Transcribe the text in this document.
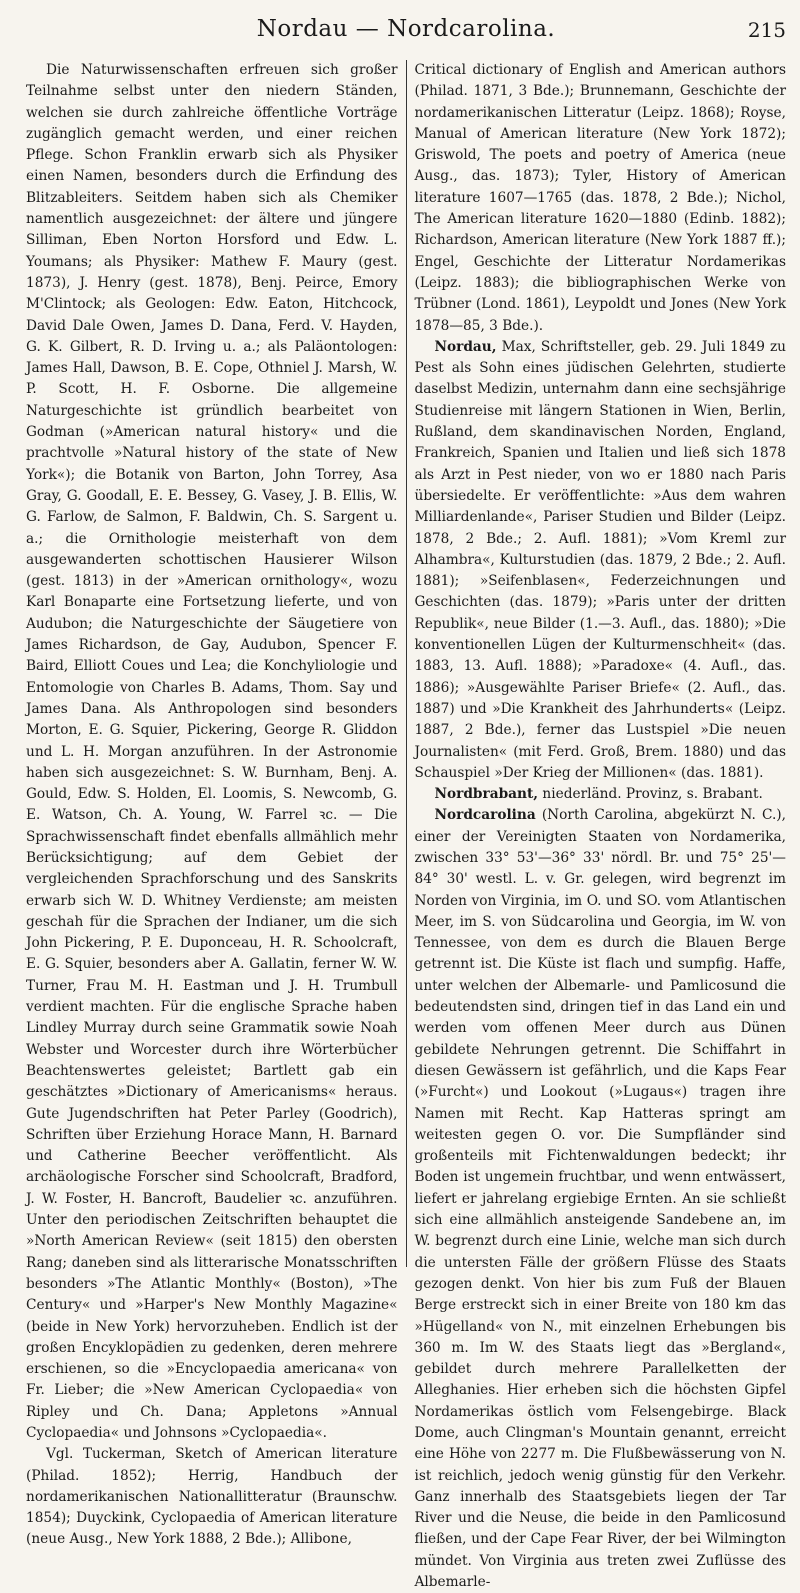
Nordau — Nordcarolina.	215

Die Naturwissenschaften erfreuen sich großer Teilnahme selbst unter den niedern Ständen, welchen sie durch zahlreiche öffentliche Vorträge zugänglich gemacht werden, und einer reichen Pflege. Schon Franklin erwarb sich als Physiker einen Namen, besonders durch die Erfindung des Blitzableiters. Seitdem haben sich als Chemiker namentlich ausgezeichnet: der ältere und jüngere Silliman, Eben Norton Horsford und Edw. L. Youmans; als Physiker: Mathew F. Maury (gest. 1873), J. Henry (gest. 1878), Benj. Peirce, Emory M'Clintock; als Geologen: Edw. Eaton, Hitchcock, David Dale Owen, James D. Dana, Ferd. V. Hayden, G. K. Gilbert, R. D. Irving u. a.; als Paläontologen: James Hall, Dawson, B. E. Cope, Othniel J. Marsh, W. P. Scott, H. F. Osborne. Die allgemeine Naturgeschichte ist gründlich bearbeitet von Godman (»American natural history« und die prachtvolle »Natural history of the state of New York«); die Botanik von Barton, John Torrey, Asa Gray, G. Goodall, E. E. Bessey, G. Vasey, J. B. Ellis, W. G. Farlow, de Salmon, F. Baldwin, Ch. S. Sargent u. a.; die Ornithologie meisterhaft von dem ausgewanderten schottischen Hausierer Wilson (gest. 1813) in der »American ornithology«, wozu Karl Bonaparte eine Fortsetzung lieferte, und von Audubon; die Naturgeschichte der Säugetiere von James Richardson, de Gay, Audubon, Spencer F. Baird, Elliott Coues und Lea; die Konchyliologie und Entomologie von Charles B. Adams, Thom. Say und James Dana. Als Anthropologen sind besonders Morton, E. G. Squier, Pickering, George R. Gliddon und L. H. Morgan anzuführen. In der Astronomie haben sich ausgezeichnet: S. W. Burnham, Benj. A. Gould, Edw. S. Holden, El. Loomis, S. Newcomb, G. E. Watson, Ch. A. Young, W. Farrel ꝛc. — Die Sprachwissenschaft findet ebenfalls allmählich mehr Berücksichtigung; auf dem Gebiet der vergleichenden Sprachforschung und des Sanskrits erwarb sich W. D. Whitney Verdienste; am meisten geschah für die Sprachen der Indianer, um die sich John Pickering, P. E. Duponceau, H. R. Schoolcraft, E. G. Squier, besonders aber A. Gallatin, ferner W. W. Turner, Frau M. H. Eastman und J. H. Trumbull verdient machten. Für die englische Sprache haben Lindley Murray durch seine Grammatik sowie Noah Webster und Worcester durch ihre Wörterbücher Beachtenswertes geleistet; Bartlett gab ein geschätztes »Dictionary of Americanisms« heraus. Gute Jugendschriften hat Peter Parley (Goodrich), Schriften über Erziehung Horace Mann, H. Barnard und Catherine Beecher veröffentlicht. Als archäologische Forscher sind Schoolcraft, Bradford, J. W. Foster, H. Bancroft, Baudelier ꝛc. anzuführen. Unter den periodischen Zeitschriften behauptet die »North American Review« (seit 1815) den obersten Rang; daneben sind als litterarische Monatsschriften besonders »The Atlantic Monthly« (Boston), »The Century« und »Harper's New Monthly Magazine« (beide in New York) hervorzuheben. Endlich ist der großen Encyklopädien zu gedenken, deren mehrere erschienen, so die »Encyclopaedia americana« von Fr. Lieber; die »New American Cyclopaedia« von Ripley und Ch. Dana; Appletons »Annual Cyclopaedia« und Johnsons »Cyclopaedia«.

Vgl. Tuckerman, Sketch of American literature (Philad. 1852); Herrig, Handbuch der nordamerikanischen Nationallitteratur (Braunschw. 1854); Duyckink, Cyclopaedia of American literature (neue Ausg., New York 1888, 2 Bde.); Allibone,

Critical dictionary of English and American authors (Philad. 1871, 3 Bde.); Brunnemann, Geschichte der nordamerikanischen Litteratur (Leipz. 1868); Royse, Manual of American literature (New York 1872); Griswold, The poets and poetry of America (neue Ausg., das. 1873); Tyler, History of American literature 1607—1765 (das. 1878, 2 Bde.); Nichol, The American literature 1620—1880 (Edinb. 1882); Richardson, American literature (New York 1887 ff.); Engel, Geschichte der Litteratur Nordamerikas (Leipz. 1883); die bibliographischen Werke von Trübner (Lond. 1861), Leypoldt und Jones (New York 1878—85, 3 Bde.).

Nordau, Max, Schriftsteller, geb. 29. Juli 1849 zu Pest als Sohn eines jüdischen Gelehrten, studierte daselbst Medizin, unternahm dann eine sechsjährige Studienreise mit längern Stationen in Wien, Berlin, Rußland, dem skandinavischen Norden, England, Frankreich, Spanien und Italien und ließ sich 1878 als Arzt in Pest nieder, von wo er 1880 nach Paris übersiedelte. Er veröffentlichte: »Aus dem wahren Milliardenlande«, Pariser Studien und Bilder (Leipz. 1878, 2 Bde.; 2. Aufl. 1881); »Vom Kreml zur Alhambra«, Kulturstudien (das. 1879, 2 Bde.; 2. Aufl. 1881); »Seifenblasen«, Federzeichnungen und Geschichten (das. 1879); »Paris unter der dritten Republik«, neue Bilder (1.—3. Aufl., das. 1880); »Die konventionellen Lügen der Kulturmenschheit« (das. 1883, 13. Aufl. 1888); »Paradoxe« (4. Aufl., das. 1886); »Ausgewählte Pariser Briefe« (2. Aufl., das. 1887) und »Die Krankheit des Jahrhunderts« (Leipz. 1887, 2 Bde.), ferner das Lustspiel »Die neuen Journalisten« (mit Ferd. Groß, Brem. 1880) und das Schauspiel »Der Krieg der Millionen« (das. 1881).

Nordbrabant, niederländ. Provinz, s. Brabant.

Nordcarolina (North Carolina, abgekürzt N. C.), einer der Vereinigten Staaten von Nordamerika, zwischen 33° 53'—36° 33' nördl. Br. und 75° 25'—84° 30' westl. L. v. Gr. gelegen, wird begrenzt im Norden von Virginia, im O. und SO. vom Atlantischen Meer, im S. von Südcarolina und Georgia, im W. von Tennessee, von dem es durch die Blauen Berge getrennt ist. Die Küste ist flach und sumpfig. Haffe, unter welchen der Albemarle- und Pamlicosund die bedeutendsten sind, dringen tief in das Land ein und werden vom offenen Meer durch aus Dünen gebildete Nehrungen getrennt. Die Schiffahrt in diesen Gewässern ist gefährlich, und die Kaps Fear (»Furcht«) und Lookout (»Lugaus«) tragen ihre Namen mit Recht. Kap Hatteras springt am weitesten gegen O. vor. Die Sumpfländer sind großenteils mit Fichtenwaldungen bedeckt; ihr Boden ist ungemein fruchtbar, und wenn entwässert, liefert er jahrelang ergiebige Ernten. An sie schließt sich eine allmählich ansteigende Sandebene an, im W. begrenzt durch eine Linie, welche man sich durch die untersten Fälle der größern Flüsse des Staats gezogen denkt. Von hier bis zum Fuß der Blauen Berge erstreckt sich in einer Breite von 180 km das »Hügelland« von N., mit einzelnen Erhebungen bis 360 m. Im W. des Staats liegt das »Bergland«, gebildet durch mehrere Parallelketten der Alleghanies. Hier erheben sich die höchsten Gipfel Nordamerikas östlich vom Felsengebirge. Black Dome, auch Clingman's Mountain genannt, erreicht eine Höhe von 2277 m. Die Flußbewässerung von N. ist reichlich, jedoch wenig günstig für den Verkehr. Ganz innerhalb des Staatsgebiets liegen der Tar River und die Neuse, die beide in den Pamlicosund fließen, und der Cape Fear River, der bei Wilmington mündet. Von Virginia aus treten zwei Zuflüsse des Albemarle-
